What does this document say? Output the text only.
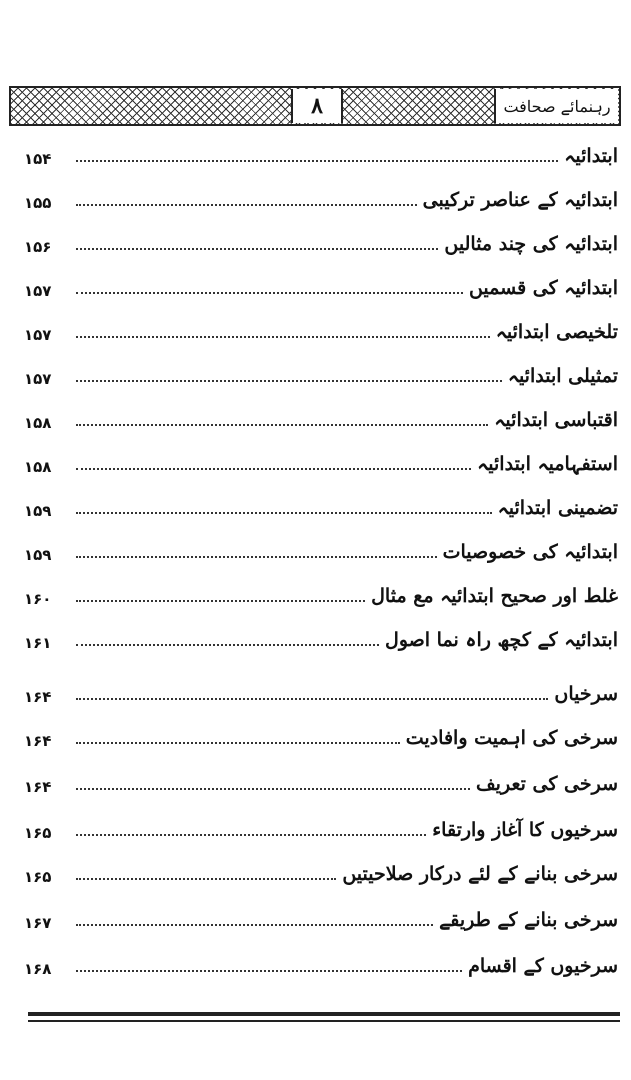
۸	رہنمائے صحافت
ابتدائیہ
۱۵۴
ابتدائیہ کے عناصر ترکیبی
۱۵۵
ابتدائیہ کی چند مثالیں
۱۵۶
ابتدائیہ کی قسمیں
۱۵۷
تلخیصی ابتدائیہ
۱۵۷
تمثیلی ابتدائیہ
۱۵۷
اقتباسی ابتدائیہ
۱۵۸
استفہامیہ ابتدائیہ
۱۵۸
تضمینی ابتدائیہ
۱۵۹
ابتدائیہ کی خصوصیات
۱۵۹
غلط اور صحیح ابتدائیہ مع مثال
۱۶۰
ابتدائیہ کے کچھ راہ نما اصول
۱۶۱
سرخیاں
۱۶۴
سرخی کی اہمیت وافادیت
۱۶۴
سرخی کی تعریف
۱۶۴
سرخیوں کا آغاز وارتقاء
۱۶۵
سرخی بنانے کے لئے درکار صلاحیتیں
۱۶۵
سرخی بنانے کے طریقے
۱۶۷
سرخیوں کے اقسام
۱۶۸
